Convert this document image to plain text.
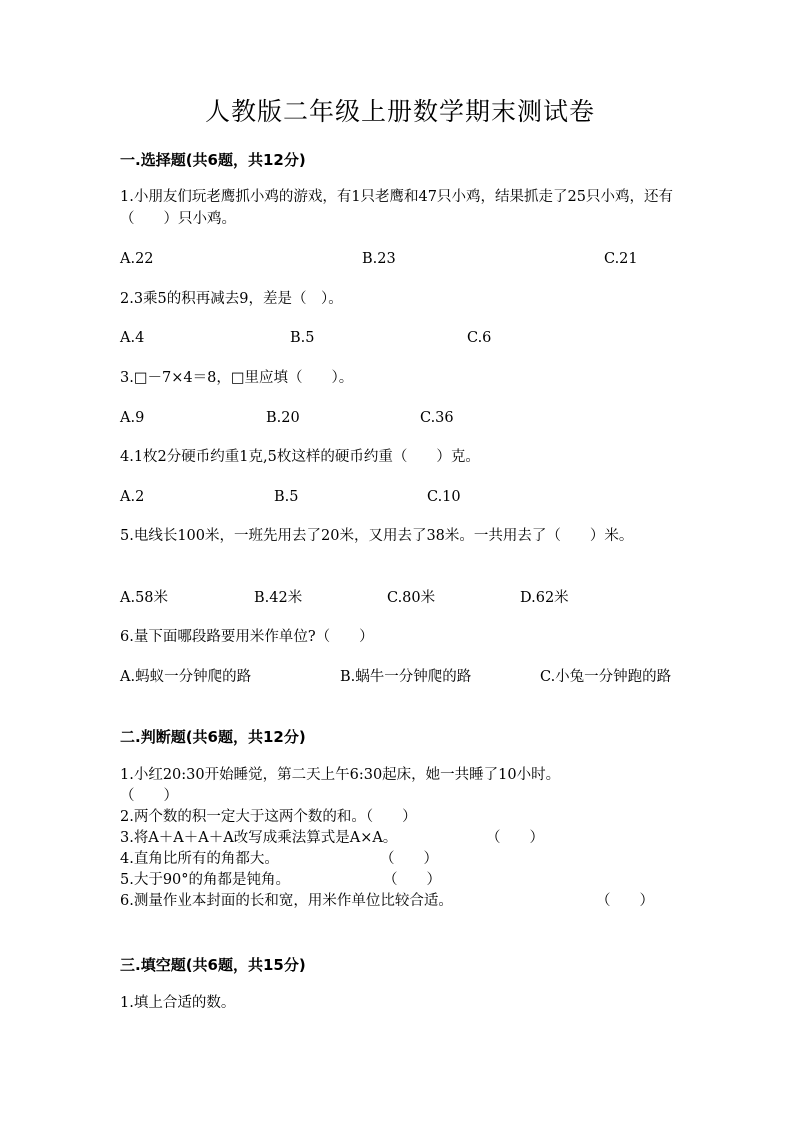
人教版二年级上册数学期末测试卷
一.选择题(共6题，共12分)
1.小朋友们玩老鹰抓小鸡的游戏，有1只老鹰和47只小鸡，结果抓走了25只小鸡，还有（　　）只小鸡。
A.22	B.23	C.21
2.3乘5的积再减去9，差是（　）。
A.4	B.5	C.6
3.□－7×4＝8，□里应填（　　）。
A.9	B.20	C.36
4.1枚2分硬币约重1克,5枚这样的硬币约重（　　）克。
A.2	B.5	C.10
5.电线长100米，一班先用去了20米，又用去了38米。一共用去了（　　）米。
A.58米	B.42米	C.80米	D.62米
6.量下面哪段路要用米作单位?（　　）
A.蚂蚁一分钟爬的路	B.蜗牛一分钟爬的路	C.小兔一分钟跑的路
二.判断题(共6题，共12分)
1.小红20:30开始睡觉，第二天上午6:30起床，她一共睡了10小时。
（　　）
2.两个数的积一定大于这两个数的和。（　　）
3.将A＋A＋A＋A改写成乘法算式是A×A。	（　　）
4.直角比所有的角都大。	（　　）
5.大于90°的角都是钝角。	（　　）
6.测量作业本封面的长和宽，用米作单位比较合适。	（　　）
三.填空题(共6题，共15分)
1.填上合适的数。
